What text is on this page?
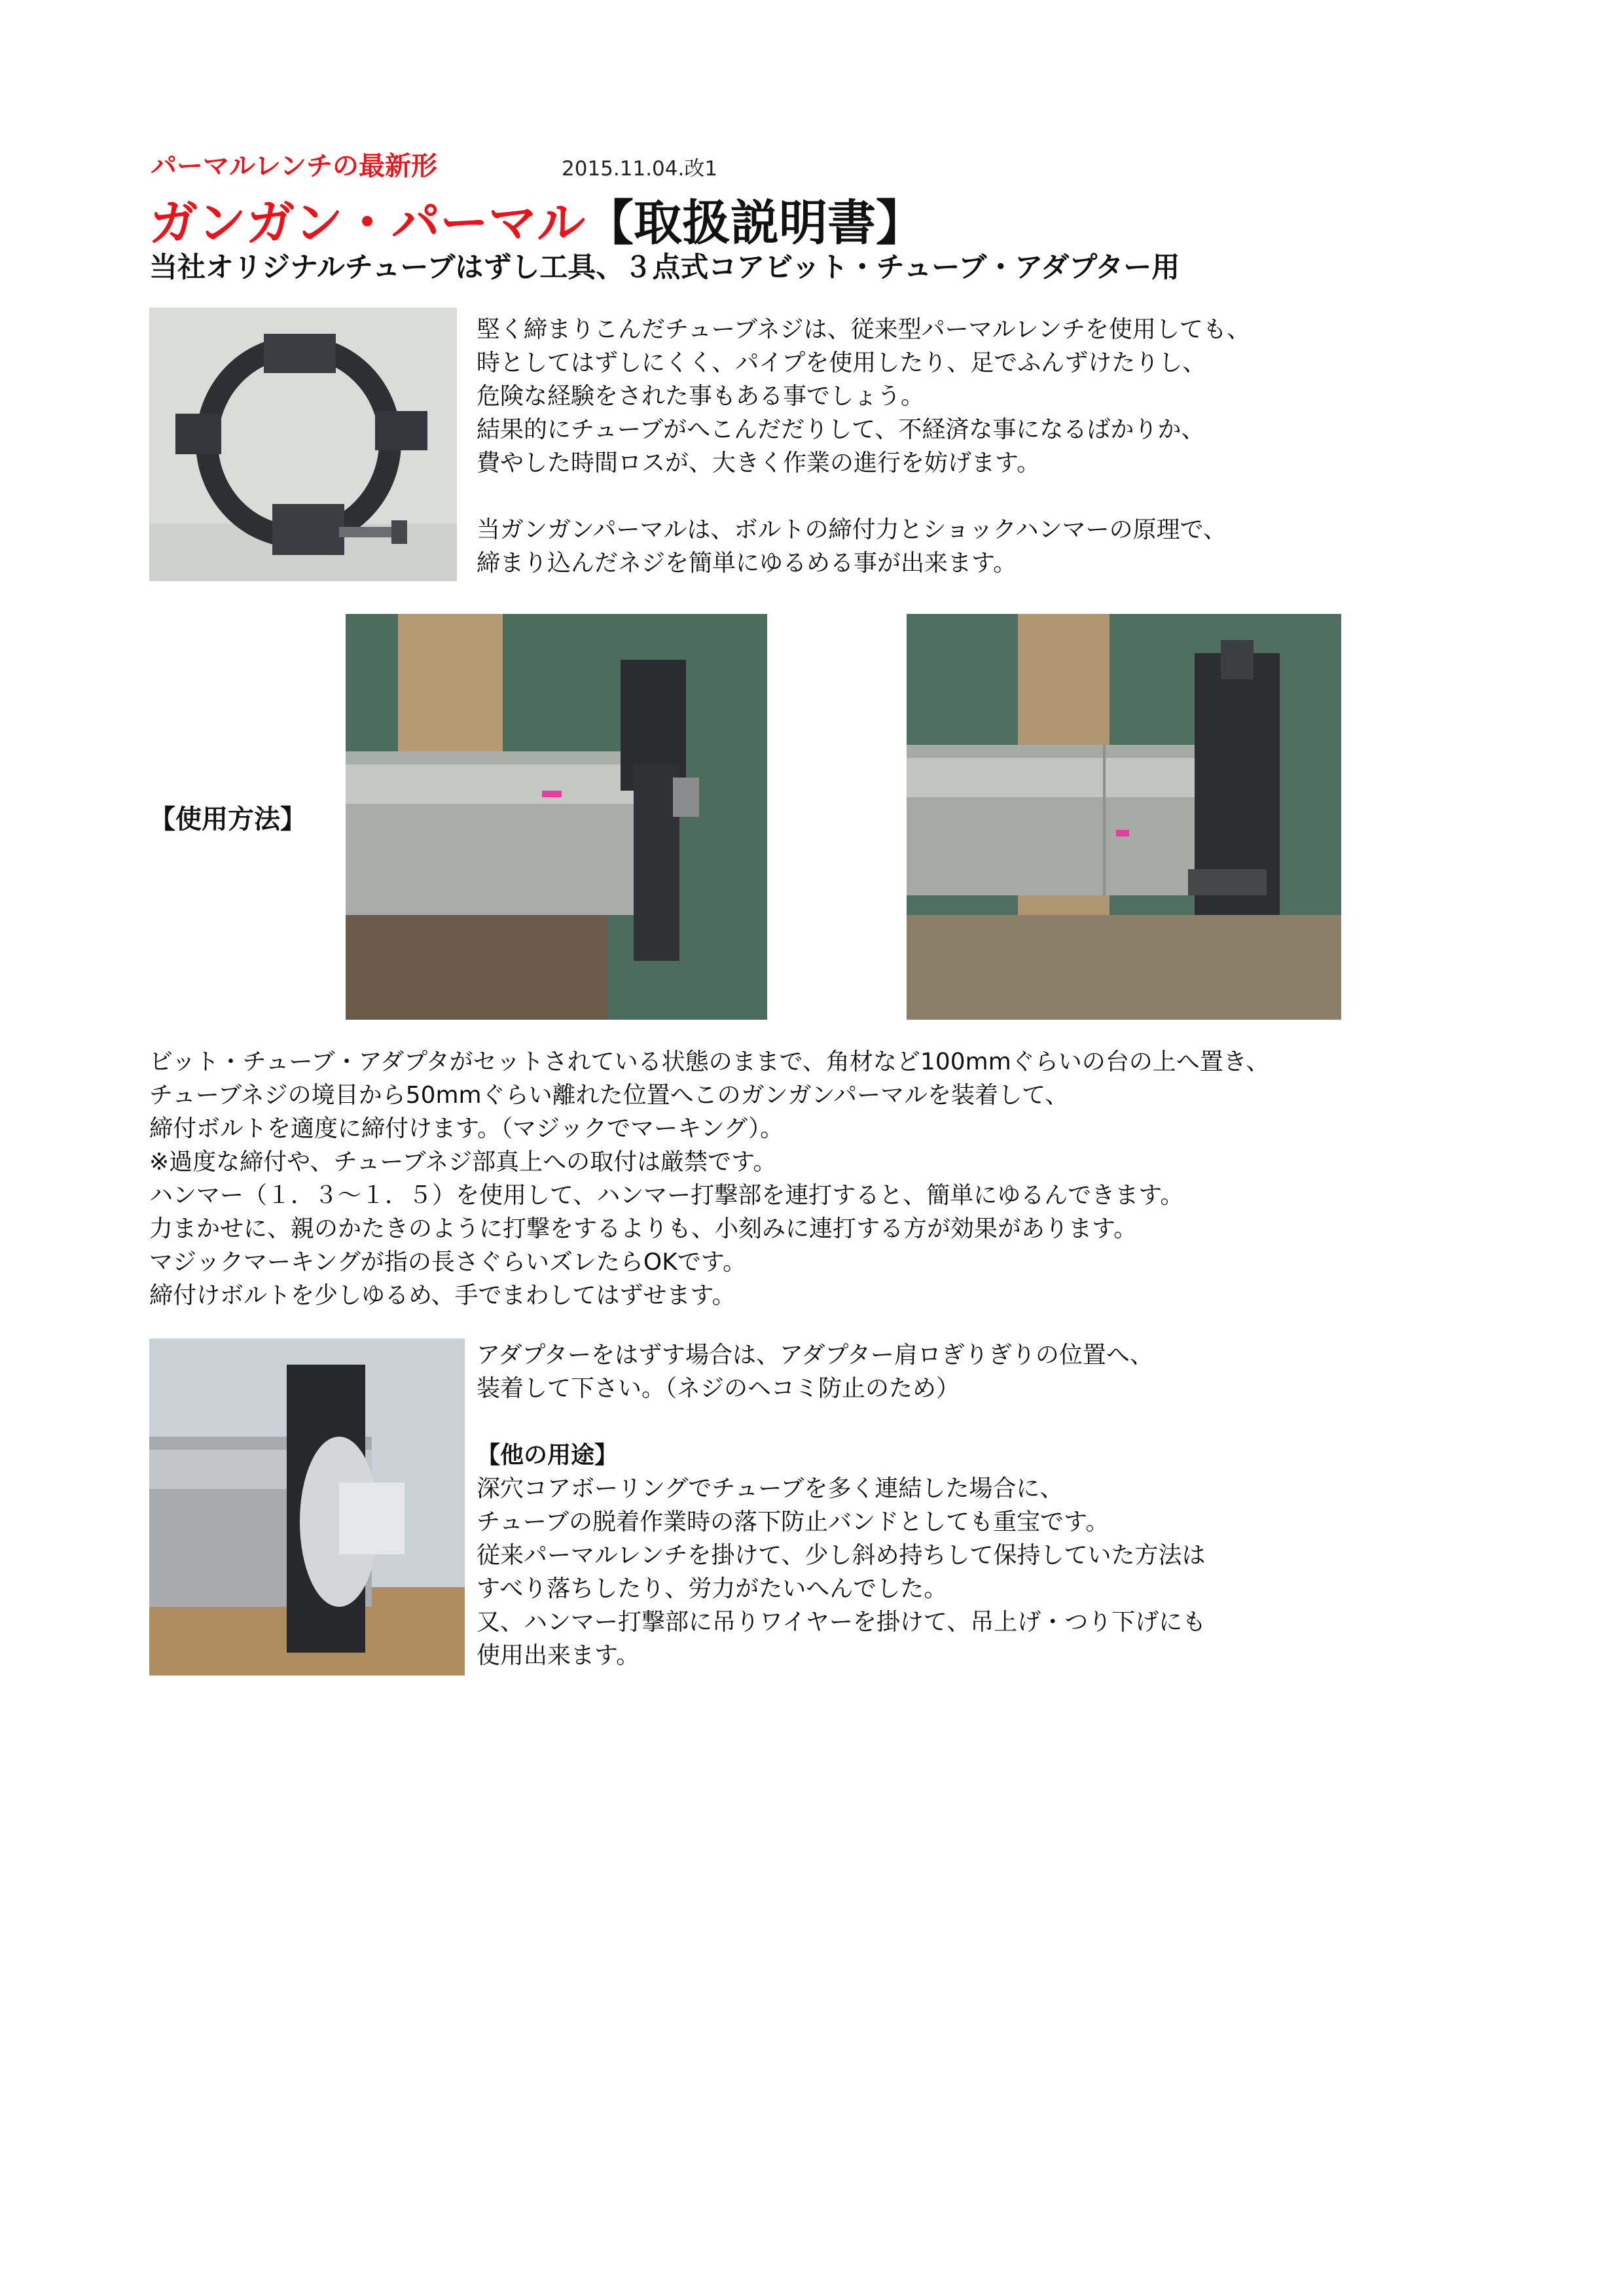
パーマルレンチの最新形	2015.11.04.改1
ガンガン・パーマル【取扱説明書】
当社オリジナルチューブはずし工具、３点式コアビット・チューブ・アダプター用
堅く締まりこんだチューブネジは、従来型パーマルレンチを使用しても、
時としてはずしにくく、パイプを使用したり、足でふんずけたりし、
危険な経験をされた事もある事でしょう。
結果的にチューブがへこんだだりして、不経済な事になるばかりか、
費やした時間ロスが、大きく作業の進行を妨げます。

当ガンガンパーマルは、ボルトの締付力とショックハンマーの原理で、
締まり込んだネジを簡単にゆるめる事が出来ます。
【使用方法】
ビット・チューブ・アダプタがセットされている状態のままで、角材など100mmぐらいの台の上へ置き、
チューブネジの境目から50mmぐらい離れた位置へこのガンガンパーマルを装着して、
締付ボルトを適度に締付けます。（マジックでマーキング）。
※過度な締付や、チューブネジ部真上への取付は厳禁です。
ハンマー（１．３～１．５）を使用して、ハンマー打撃部を連打すると、簡単にゆるんできます。
力まかせに、親のかたきのように打撃をするよりも、小刻みに連打する方が効果があります。
マジックマーキングが指の長さぐらいズレたらOKです。
締付けボルトを少しゆるめ、手でまわしてはずせます。
アダプターをはずす場合は、アダプター肩ロぎりぎりの位置へ、
装着して下さい。（ネジのヘコミ防止のため）

【他の用途】
深穴コアボーリングでチューブを多く連結した場合に、
チューブの脱着作業時の落下防止バンドとしても重宝です。
従来パーマルレンチを掛けて、少し斜め持ちして保持していた方法は
すべり落ちしたり、労力がたいへんでした。
又、ハンマー打撃部に吊りワイヤーを掛けて、吊上げ・つり下げにも
使用出来ます。
